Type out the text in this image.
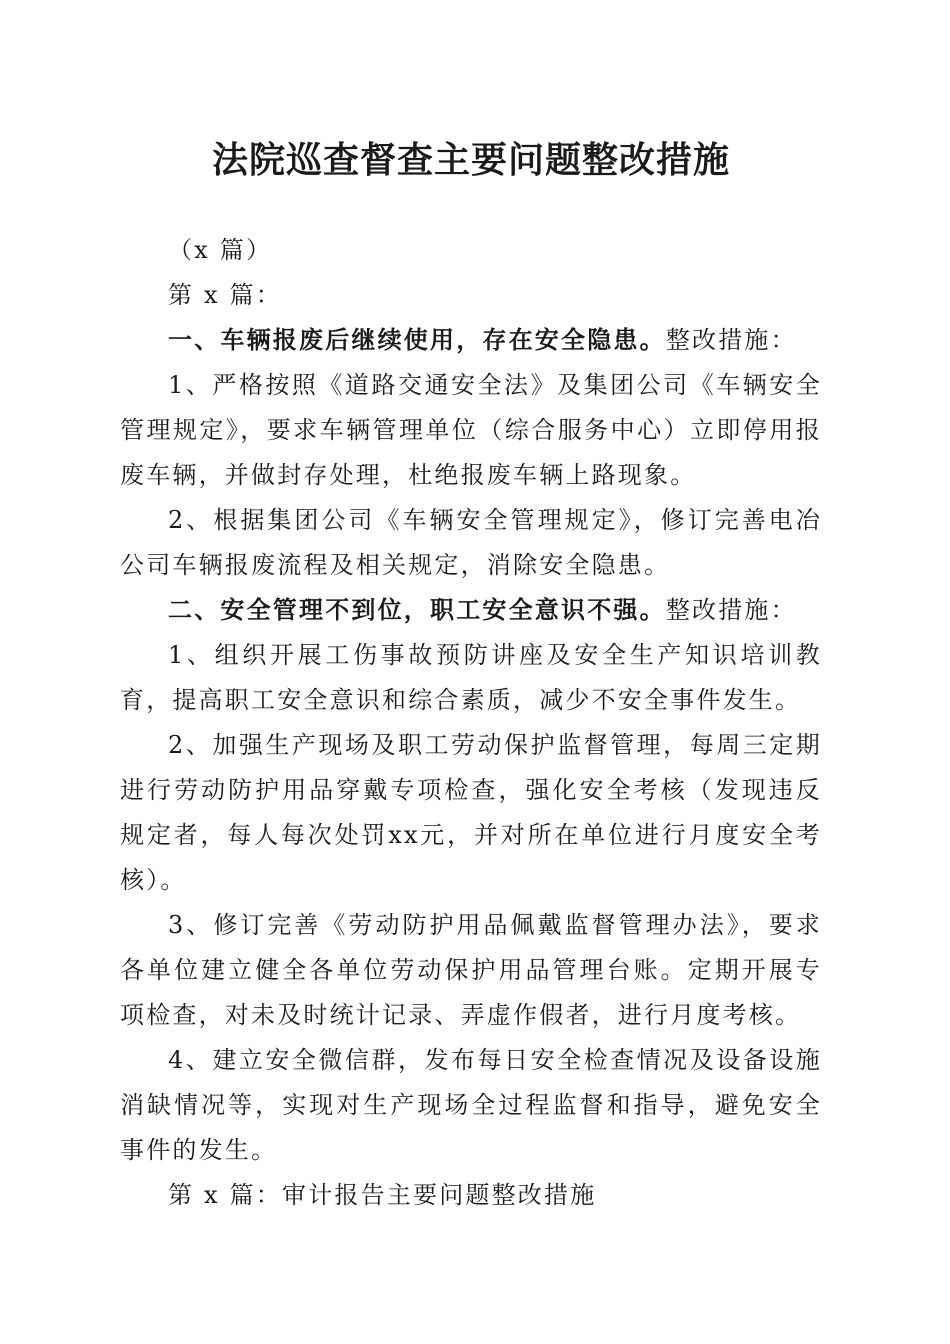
法院巡查督查主要问题整改措施

（x 篇）

第 x 篇：

一、车辆报废后继续使用，存在安全隐患。整改措施：

1、严格按照《道路交通安全法》及集团公司《车辆安全管理规定》，要求车辆管理单位（综合服务中心）立即停用报废车辆，并做封存处理，杜绝报废车辆上路现象。

2、根据集团公司《车辆安全管理规定》，修订完善电冶公司车辆报废流程及相关规定，消除安全隐患。

二、安全管理不到位，职工安全意识不强。整改措施：

1、组织开展工伤事故预防讲座及安全生产知识培训教育，提高职工安全意识和综合素质，减少不安全事件发生。

2、加强生产现场及职工劳动保护监督管理，每周三定期进行劳动防护用品穿戴专项检查，强化安全考核（发现违反规定者，每人每次处罚xx元，并对所在单位进行月度安全考核）。

3、修订完善《劳动防护用品佩戴监督管理办法》，要求各单位建立健全各单位劳动保护用品管理台账。定期开展专项检查，对未及时统计记录、弄虚作假者，进行月度考核。

4、建立安全微信群，发布每日安全检查情况及设备设施消缺情况等，实现对生产现场全过程监督和指导，避免安全事件的发生。

第 x 篇：审计报告主要问题整改措施
